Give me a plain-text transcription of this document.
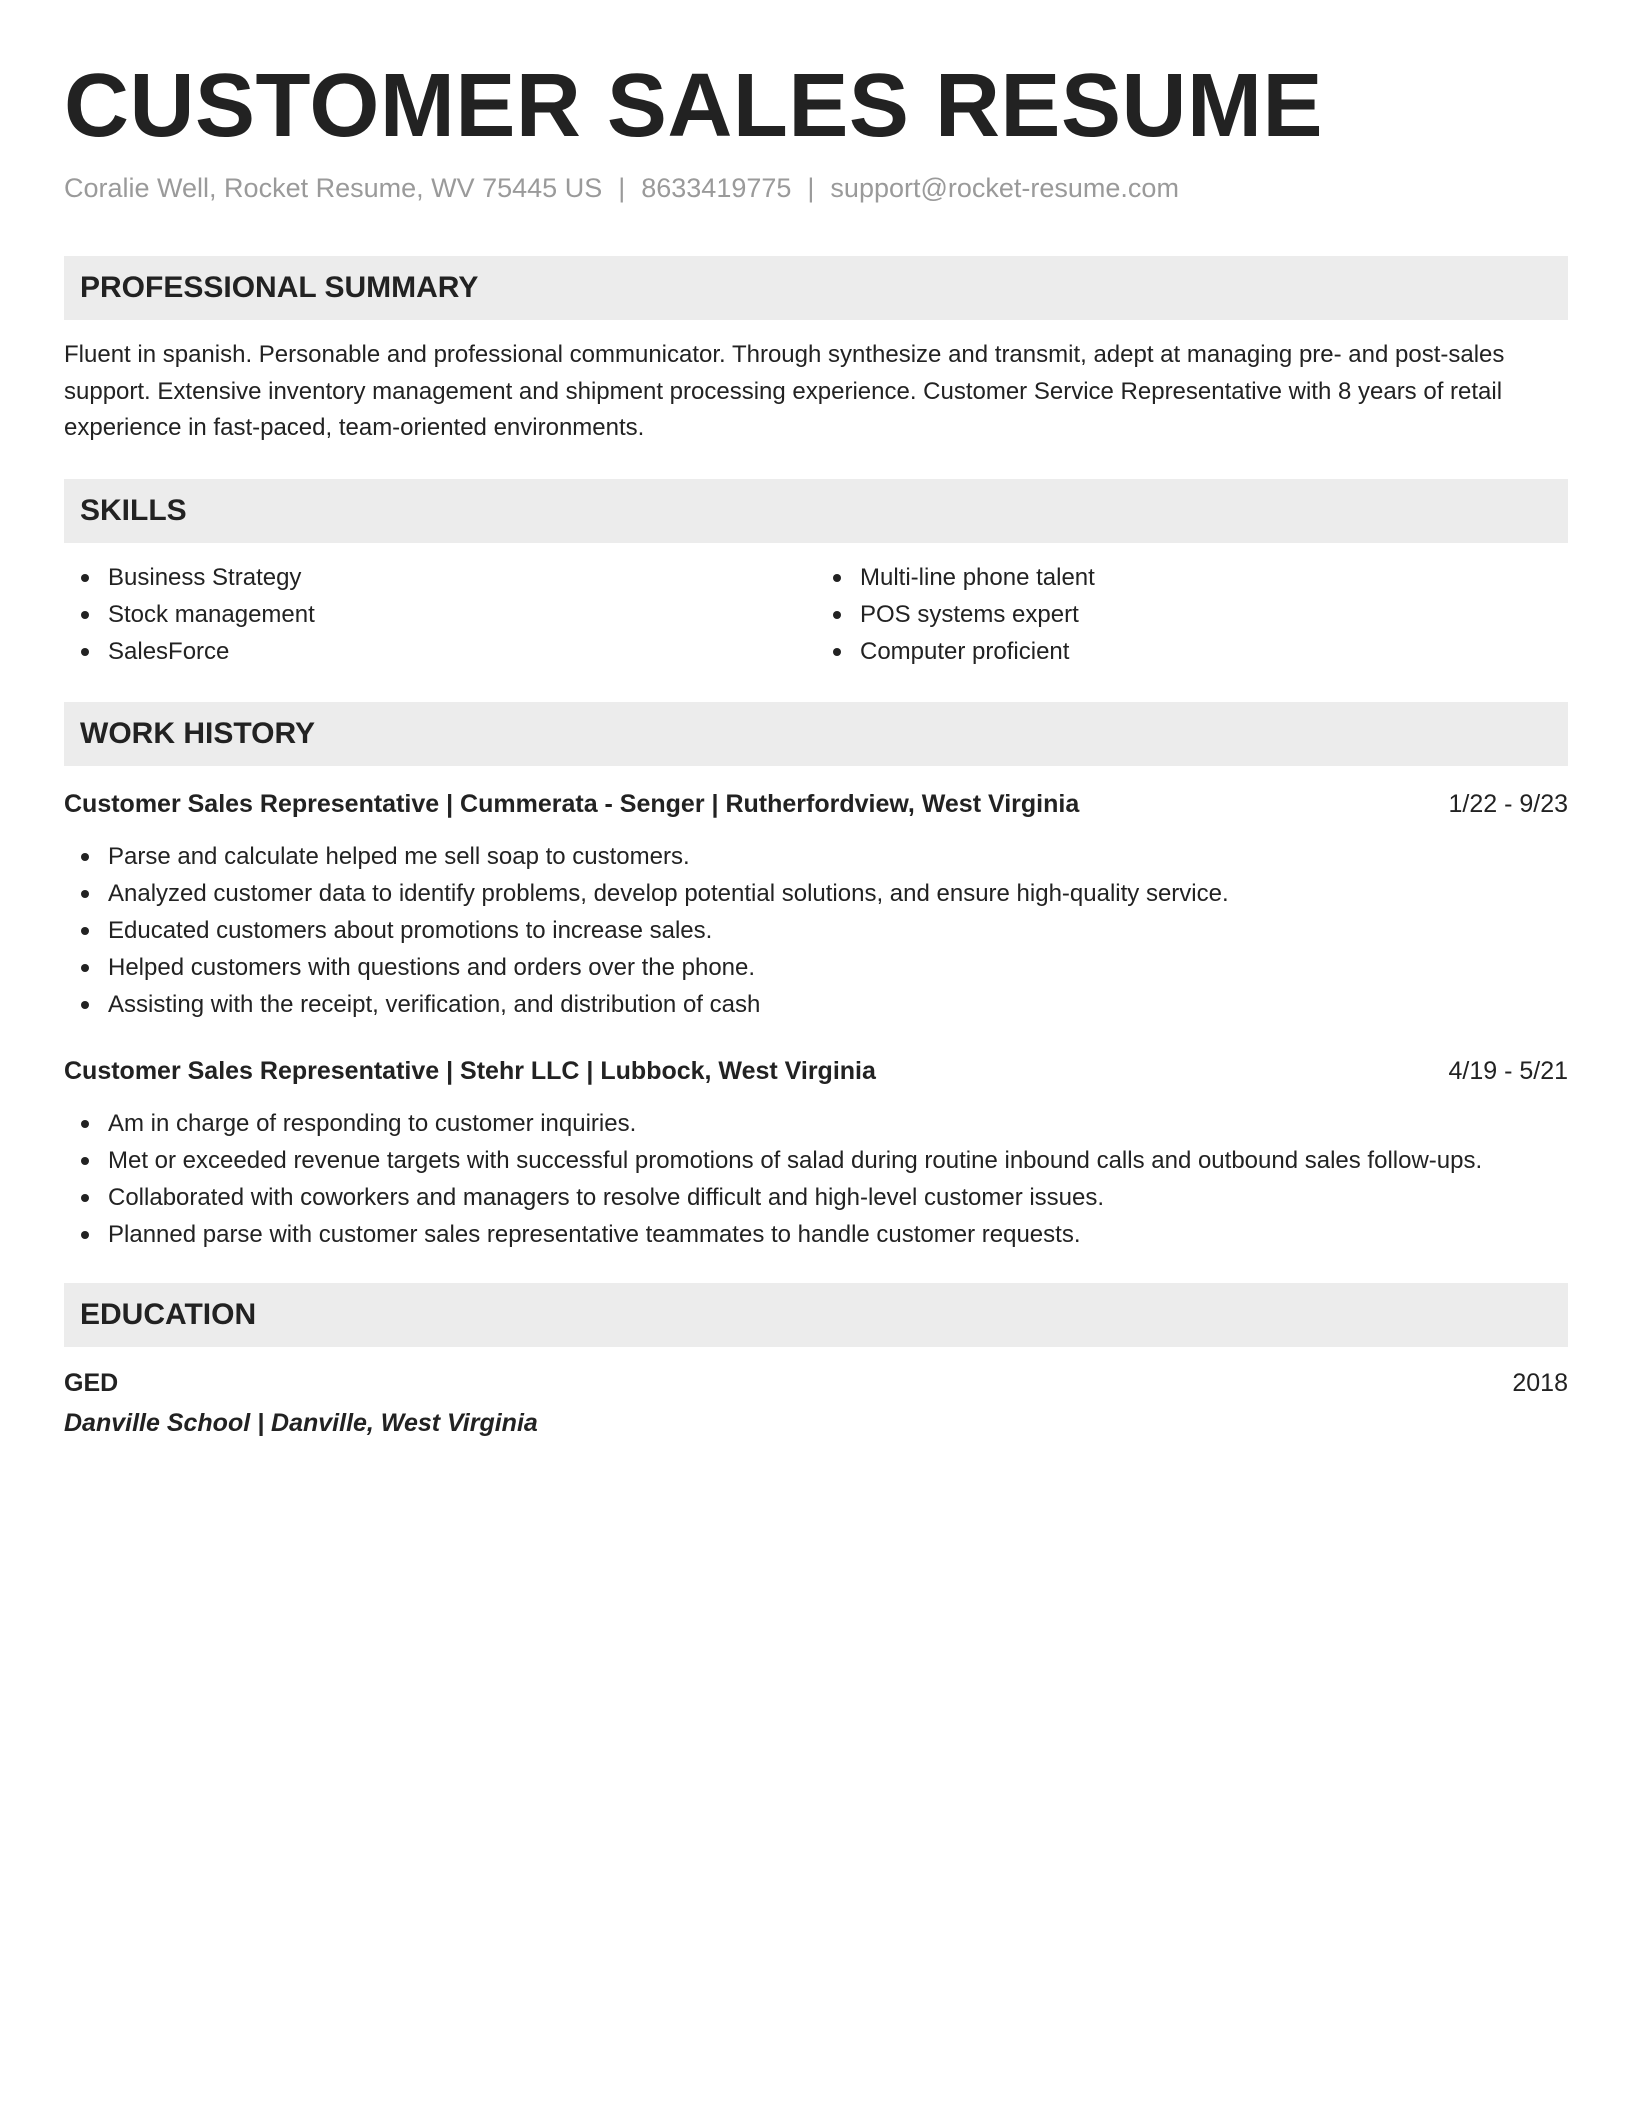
CUSTOMER SALES RESUME
Coralie Well, Rocket Resume, WV 75445 US | 8633419775 | support@rocket-resume.com
PROFESSIONAL SUMMARY
Fluent in spanish. Personable and professional communicator. Through synthesize and transmit, adept at managing pre- and post-sales support. Extensive inventory management and shipment processing experience. Customer Service Representative with 8 years of retail experience in fast-paced, team-oriented environments.
SKILLS
Business Strategy
Stock management
SalesForce
Multi-line phone talent
POS systems expert
Computer proficient
WORK HISTORY
Customer Sales Representative | Cummerata - Senger | Rutherfordview, West Virginia	1/22 - 9/23
Parse and calculate helped me sell soap to customers.
Analyzed customer data to identify problems, develop potential solutions, and ensure high-quality service.
Educated customers about promotions to increase sales.
Helped customers with questions and orders over the phone.
Assisting with the receipt, verification, and distribution of cash
Customer Sales Representative | Stehr LLC | Lubbock, West Virginia	4/19 - 5/21
Am in charge of responding to customer inquiries.
Met or exceeded revenue targets with successful promotions of salad during routine inbound calls and outbound sales follow-ups.
Collaborated with coworkers and managers to resolve difficult and high-level customer issues.
Planned parse with customer sales representative teammates to handle customer requests.
EDUCATION
GED	2018
Danville School | Danville, West Virginia
